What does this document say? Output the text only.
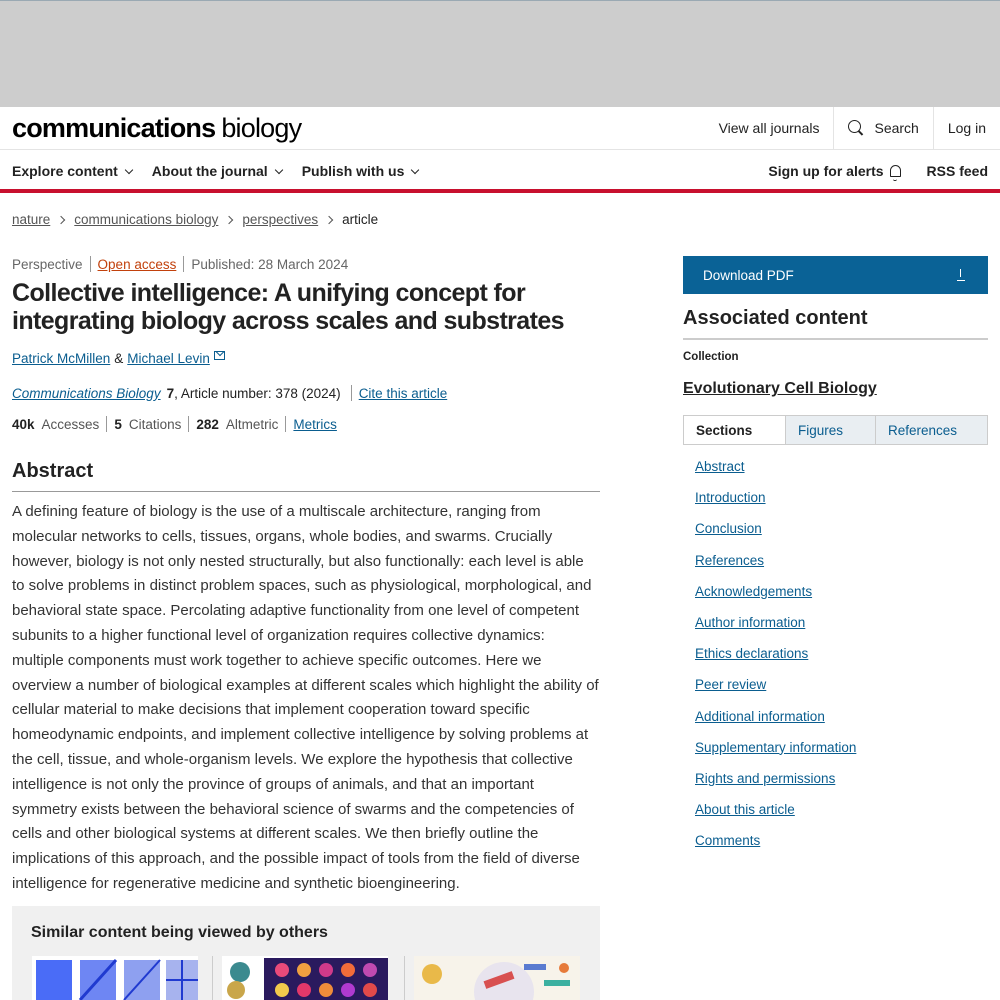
communications biology	View all journals	Search	Log in
Explore content About the journal Publish with us	Sign up for alerts	RSS feed
nature communications biology perspectives article
Perspective Open access Published: 28 March 2024
Collective intelligence: A unifying concept for integrating biology across scales and substrates
Patrick McMillen & Michael Levin
Communications Biology 7 , Article number: 378 (2024) Cite this article
40k Accesses 5 Citations 282 Altmetric Metrics
Abstract

A defining feature of biology is the use of a multiscale architecture, ranging from molecular networks to cells, tissues, organs, whole bodies, and swarms. Crucially however, biology is not only nested structurally, but also functionally: each level is able to solve problems in distinct problem spaces, such as physiological, morphological, and behavioral state space. Percolating adaptive functionality from one level of competent subunits to a higher functional level of organization requires collective dynamics: multiple components must work together to achieve specific outcomes. Here we overview a number of biological examples at different scales which highlight the ability of cellular material to make decisions that implement cooperation toward specific homeodynamic endpoints, and implement collective intelligence by solving problems at the cell, tissue, and whole-organism levels. We explore the hypothesis that collective intelligence is not only the province of groups of animals, and that an important symmetry exists between the behavioral science of swarms and the competencies of cells and other biological systems at different scales. We then briefly outline the implications of this approach, and the possible impact of tools from the field of diverse intelligence for regenerative medicine and synthetic bioengineering.

Similar content being viewed by others
Download PDF
Associated content
Collection
Evolutionary Cell Biology
Sections	Figures	References
Abstract
Introduction
Conclusion
References
Acknowledgements
Author information
Ethics declarations
Peer review
Additional information
Supplementary information
Rights and permissions
About this article
Comments
